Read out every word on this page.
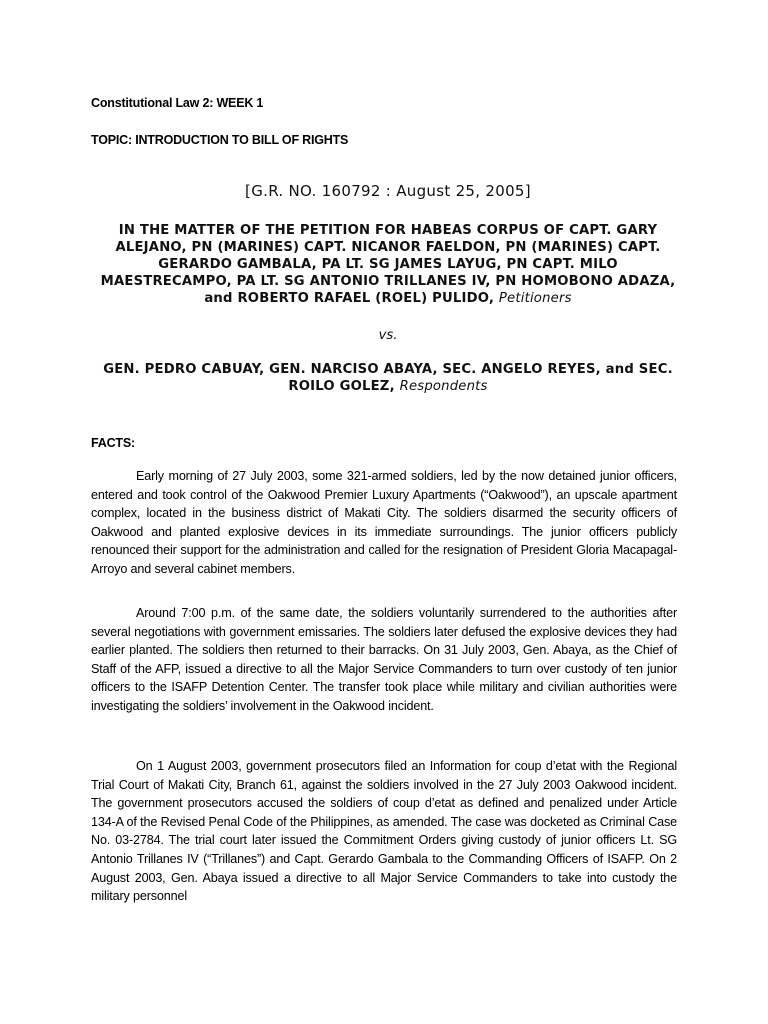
Constitutional Law 2: WEEK 1
TOPIC: INTRODUCTION TO BILL OF RIGHTS
[G.R. NO. 160792 : August 25, 2005]
IN THE MATTER OF THE PETITION FOR HABEAS CORPUS OF CAPT. GARY ALEJANO, PN (MARINES) CAPT. NICANOR FAELDON, PN (MARINES) CAPT. GERARDO GAMBALA, PA LT. SG JAMES LAYUG, PN CAPT. MILO MAESTRECAMPO, PA LT. SG ANTONIO TRILLANES IV, PN HOMOBONO ADAZA, and ROBERTO RAFAEL (ROEL) PULIDO, Petitioners
vs.
GEN. PEDRO CABUAY, GEN. NARCISO ABAYA, SEC. ANGELO REYES, and SEC. ROILO GOLEZ, Respondents
FACTS:
Early morning of 27 July 2003, some 321-armed soldiers, led by the now detained junior officers, entered and took control of the Oakwood Premier Luxury Apartments (“Oakwood”), an upscale apartment complex, located in the business district of Makati City. The soldiers disarmed the security officers of Oakwood and planted explosive devices in its immediate surroundings. The junior officers publicly renounced their support for the administration and called for the resignation of President Gloria Macapagal-Arroyo and several cabinet members.
Around 7:00 p.m. of the same date, the soldiers voluntarily surrendered to the authorities after several negotiations with government emissaries. The soldiers later defused the explosive devices they had earlier planted. The soldiers then returned to their barracks. On 31 July 2003, Gen. Abaya, as the Chief of Staff of the AFP, issued a directive to all the Major Service Commanders to turn over custody of ten junior officers to the ISAFP Detention Center. The transfer took place while military and civilian authorities were investigating the soldiers’ involvement in the Oakwood incident.
On 1 August 2003, government prosecutors filed an Information for coup d’etat with the Regional Trial Court of Makati City, Branch 61, against the soldiers involved in the 27 July 2003 Oakwood incident. The government prosecutors accused the soldiers of coup d’etat as defined and penalized under Article 134-A of the Revised Penal Code of the Philippines, as amended. The case was docketed as Criminal Case No. 03-2784. The trial court later issued the Commitment Orders giving custody of junior officers Lt. SG Antonio Trillanes IV (“Trillanes”) and Capt. Gerardo Gambala to the Commanding Officers of ISAFP. On 2 August 2003, Gen. Abaya issued a directive to all Major Service Commanders to take into custody the military personnel
